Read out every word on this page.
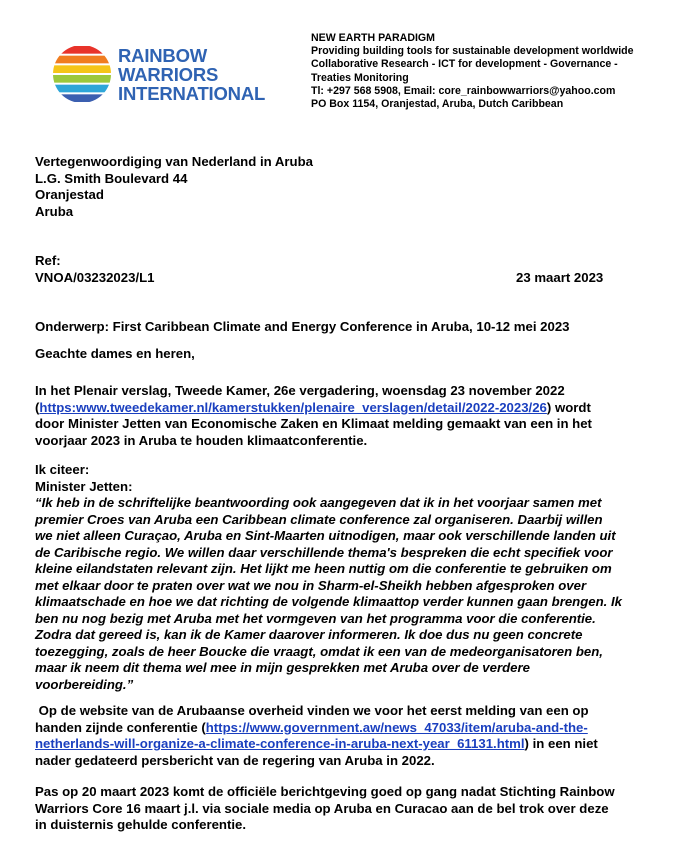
RAINBOW
WARRIORS
INTERNATIONAL
NEW EARTH PARADIGM
Providing building tools for sustainable development worldwide
Collaborative Research - ICT for development - Governance -
Treaties Monitoring
Tl: +297 568 5908, Email: core_rainbowwarriors@yahoo.com
PO Box 1154, Oranjestad, Aruba, Dutch Caribbean
Vertegenwoordiging van Nederland in Aruba
L.G. Smith Boulevard 44
Oranjestad
Aruba
Ref:
VNOA/03232023/L1	23 maart 2023
Onderwerp: First Caribbean Climate and Energy Conference in Aruba, 10-12 mei 2023
Geachte dames en heren,
In het Plenair verslag, Tweede Kamer, 26e vergadering, woensdag 23 november 2022
(https:www.tweedekamer.nl/kamerstukken/plenaire_verslagen/detail/2022-2023/26) wordt
door Minister Jetten van Economische Zaken en Klimaat melding gemaakt van een in het
voorjaar 2023 in Aruba te houden klimaatconferentie.
Ik citeer:
Minister Jetten:
“Ik heb in de schriftelijke beantwoording ook aangegeven dat ik in het voorjaar samen met
premier Croes van Aruba een Caribbean climate conference zal organiseren. Daarbij willen
we niet alleen Curaçao, Aruba en Sint-Maarten uitnodigen, maar ook verschillende landen uit
de Caribische regio. We willen daar verschillende thema's bespreken die echt specifiek voor
kleine eilandstaten relevant zijn. Het lijkt me heen nuttig om die conferentie te gebruiken om
met elkaar door te praten over wat we nou in Sharm-el-Sheikh hebben afgesproken over
klimaatschade en hoe we dat richting de volgende klimaattop verder kunnen gaan brengen. Ik
ben nu nog bezig met Aruba met het vormgeven van het programma voor die conferentie.
Zodra dat gereed is, kan ik de Kamer daarover informeren. Ik doe dus nu geen concrete
toezegging, zoals de heer Boucke die vraagt, omdat ik een van de medeorganisatoren ben,
maar ik neem dit thema wel mee in mijn gesprekken met Aruba over de verdere
voorbereiding.”
Op de website van de Arubaanse overheid vinden we voor het eerst melding van een op
handen zijnde conferentie (https://www.government.aw/news_47033/item/aruba-and-the-
netherlands-will-organize-a-climate-conference-in-aruba-next-year_61131.html) in een niet
nader gedateerd persbericht van de regering van Aruba in 2022.
Pas op 20 maart 2023 komt de officiële berichtgeving goed op gang nadat Stichting Rainbow
Warriors Core 16 maart j.l. via sociale media op Aruba en Curacao aan de bel trok over deze
in duisternis gehulde conferentie.
